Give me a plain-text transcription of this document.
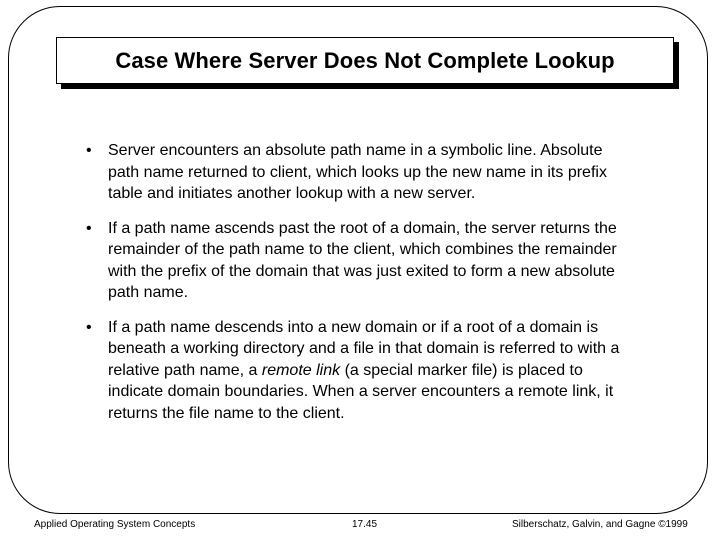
Case Where Server Does Not Complete Lookup
• Server encounters an absolute path name in a symbolic line. Absolute path name returned to client, which looks up the new name in its prefix table and initiates another lookup with a new server.
• If a path name ascends past the root of a domain, the server returns the remainder of the path name to the client, which combines the remainder with the prefix of the domain that was just exited to form a new absolute path name.
• If a path name descends into a new domain or if a root of a domain is beneath a working directory and a file in that domain is referred to with a relative path name, a remote link (a special marker file) is placed to indicate domain boundaries. When a server encounters a remote link, it returns the file name to the client.
Applied Operating System Concepts	17.45	Silberschatz, Galvin, and Gagne ©1999
